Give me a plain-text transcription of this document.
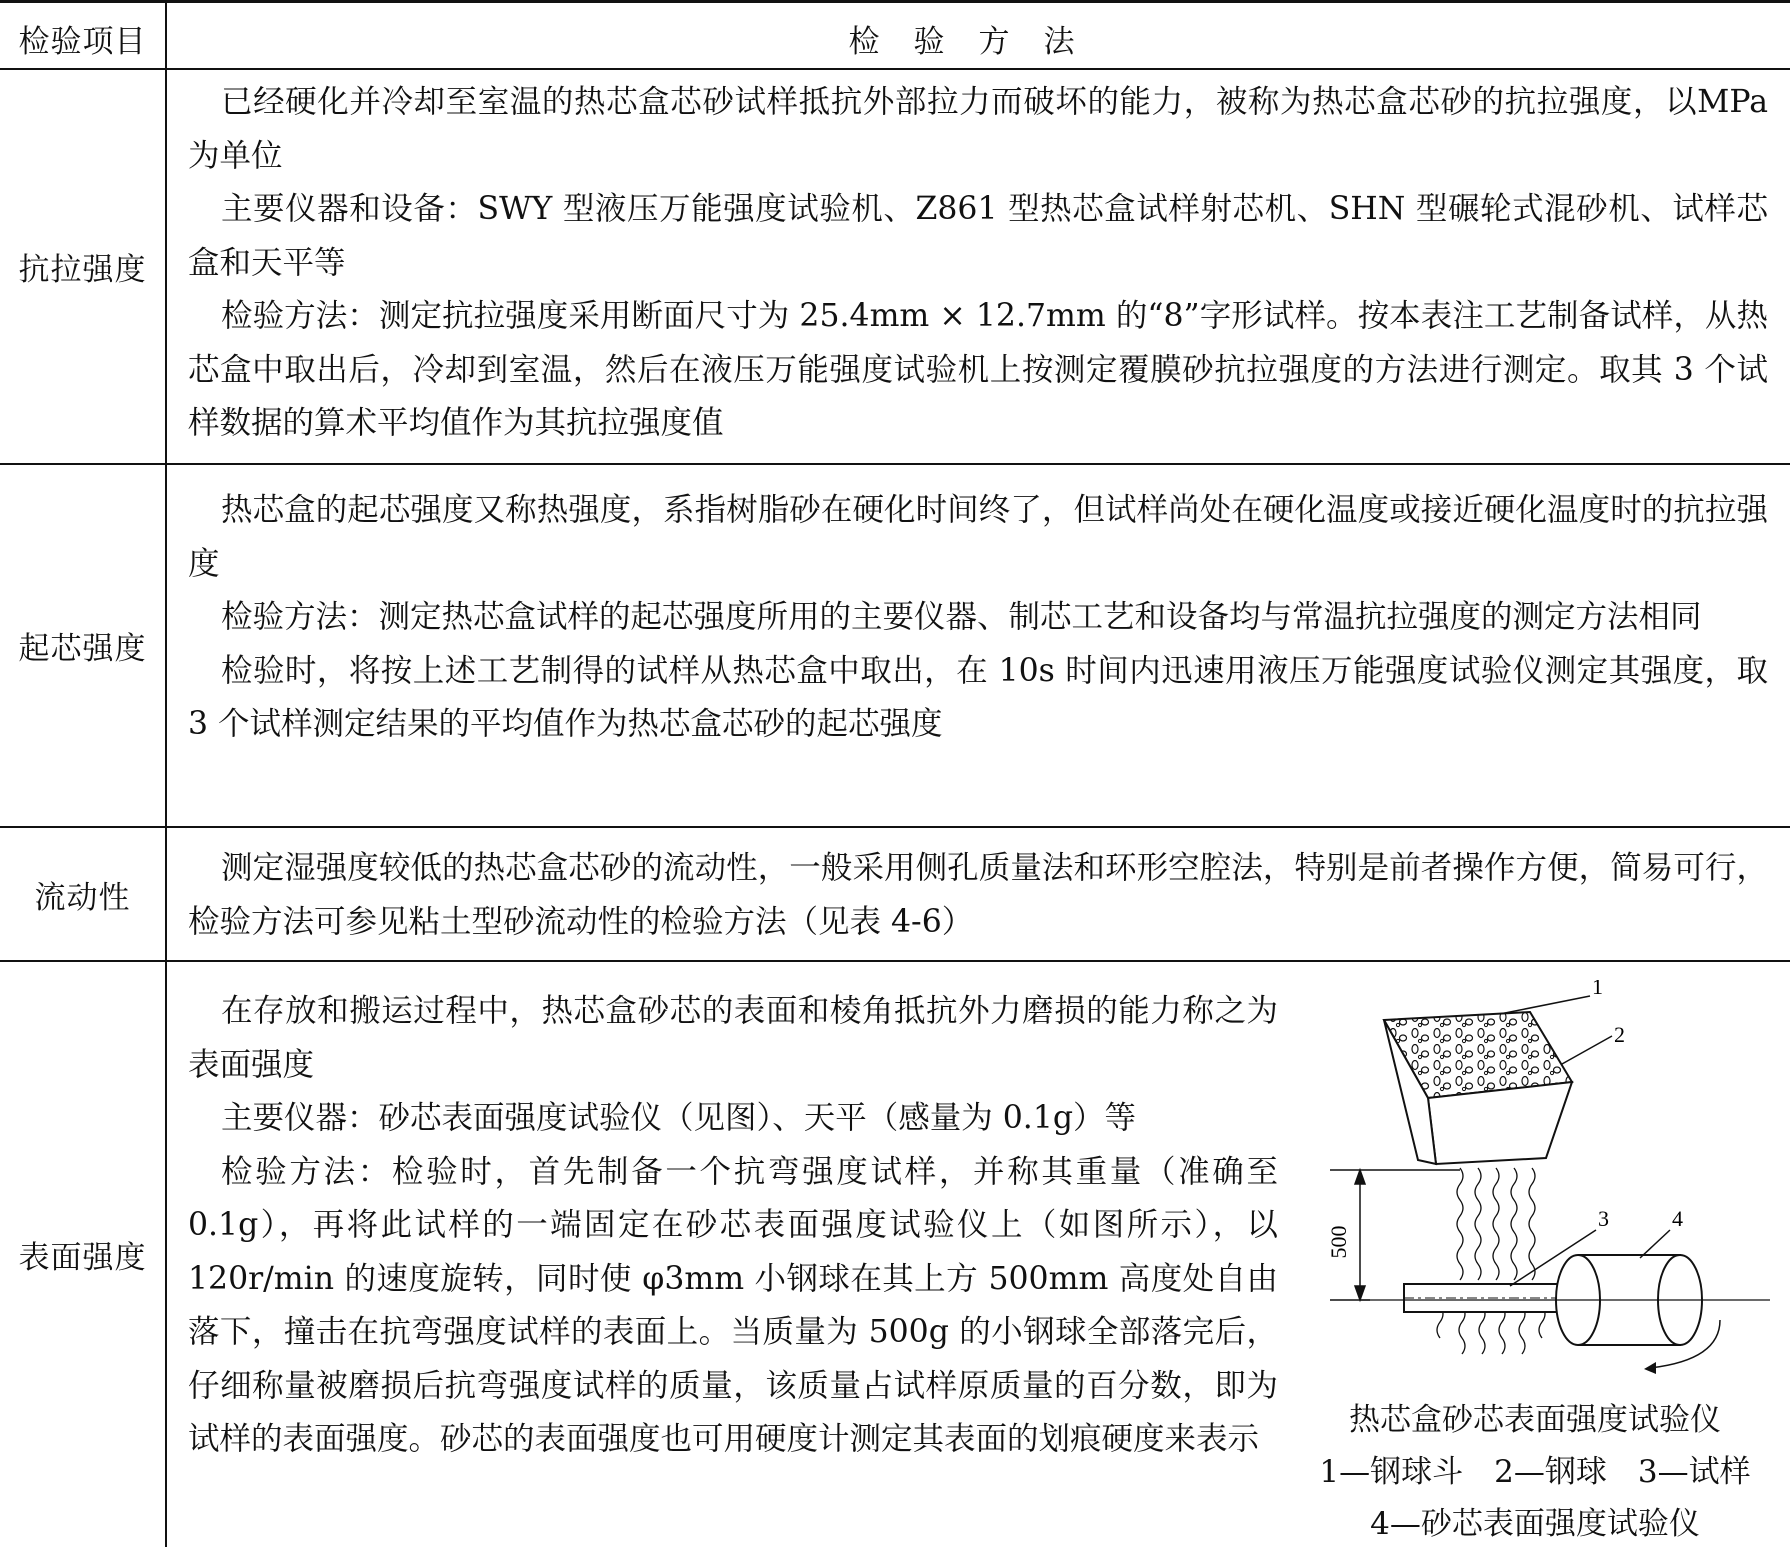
检验项目	检验方法
抗拉强度

已经硬化并冷却至室温的热芯盒芯砂试样抵抗外部拉力而破坏的能力，被称为热芯盒芯砂的抗拉强度，以MPa为单位

主要仪器和设备：SWY 型液压万能强度试验机、Z861 型热芯盒试样射芯机、SHN 型碾轮式混砂机、试样芯盒和天平等

检验方法：测定抗拉强度采用断面尺寸为 25.4mm × 12.7mm 的“8”字形试样。按本表注工艺制备试样，从热芯盒中取出后，冷却到室温，然后在液压万能强度试验机上按测定覆膜砂抗拉强度的方法进行测定。取其 3 个试样数据的算术平均值作为其抗拉强度值

起芯强度

热芯盒的起芯强度又称热强度，系指树脂砂在硬化时间终了，但试样尚处在硬化温度或接近硬化温度时的抗拉强度

检验方法：测定热芯盒试样的起芯强度所用的主要仪器、制芯工艺和设备均与常温抗拉强度的测定方法相同

检验时，将按上述工艺制得的试样从热芯盒中取出，在 10s 时间内迅速用液压万能强度试验仪测定其强度，取 3 个试样测定结果的平均值作为热芯盒芯砂的起芯强度

流动性

测定湿强度较低的热芯盒芯砂的流动性，一般采用侧孔质量法和环形空腔法，特别是前者操作方便，简易可行，检验方法可参见粘土型砂流动性的检验方法（见表 4-6）

表面强度

在存放和搬运过程中，热芯盒砂芯的表面和棱角抵抗外力磨损的能力称之为表面强度

主要仪器：砂芯表面强度试验仪（见图）、天平（感量为 0.1g）等

检验方法：检验时，首先制备一个抗弯强度试样，并称其重量（准确至 0.1g），再将此试样的一端固定在砂芯表面强度试验仪上（如图所示），以 120r/min 的速度旋转，同时使 φ3mm 小钢球在其上方 500mm 高度处自由落下，撞击在抗弯强度试样的表面上。当质量为 500g 的小钢球全部落完后，仔细称量被磨损后抗弯强度试样的质量，该质量占试样原质量的百分数，即为试样的表面强度。砂芯的表面强度也可用硬度计测定其表面的划痕硬度来表示

500
1
2
3	4
热芯盒砂芯表面强度试验仪
1—钢球斗　2—钢球　3—试样
4—砂芯表面强度试验仪
